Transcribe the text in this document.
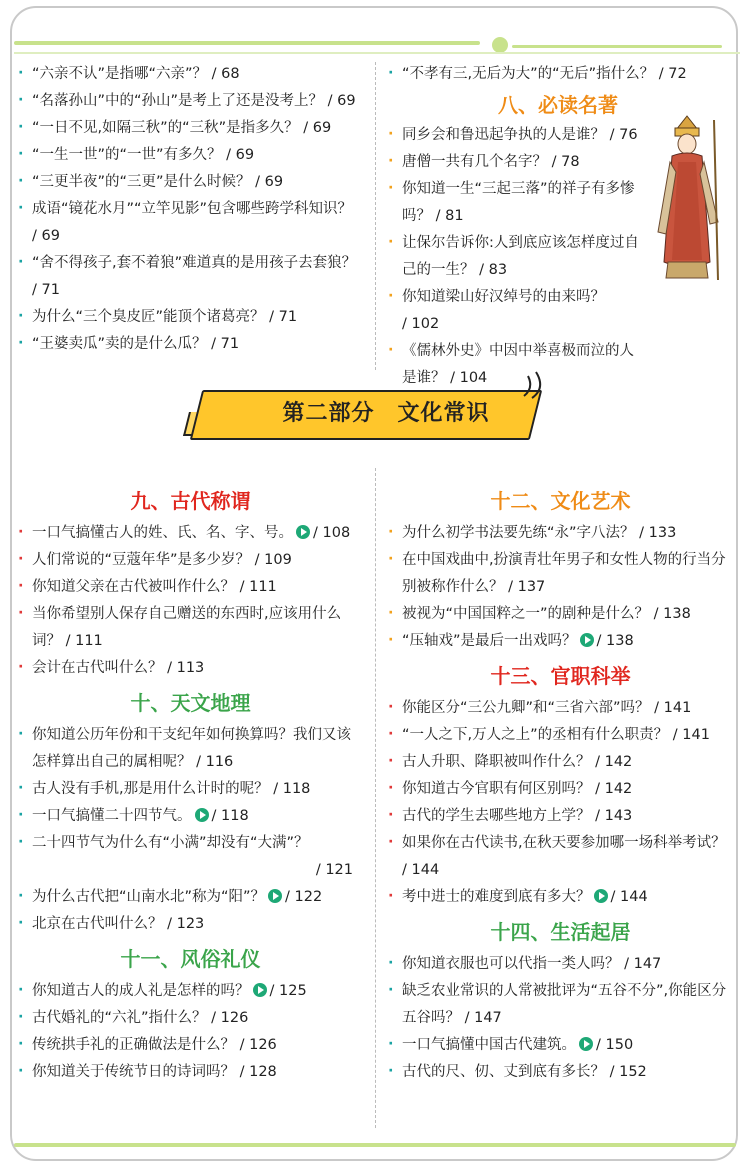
· “六亲不认”是指哪“六亲”？ / 68
· “名落孙山”中的“孙山”是考上了还是没考上？ / 69
· “一日不见,如隔三秋”的“三秋”是指多久？ / 69
· “一生一世”的“一世”有多久？ / 69
· “三更半夜”的“三更”是什么时候？ / 69
· 成语“镜花水月”“立竿见影”包含哪些跨学科知识？ / 69
· “舍不得孩子,套不着狼”难道真的是用孩子去套狼？ / 71
· 为什么“三个臭皮匠”能顶个诸葛亮？ / 71
· “王婆卖瓜”卖的是什么瓜？ / 71
· “不孝有三,无后为大”的“无后”指什么？ / 72
八、必读名著
· 同乡会和鲁迅起争执的人是谁？ / 76
· 唐僧一共有几个名字？ / 78
· 你知道一生“三起三落”的祥子有多惨吗？ / 81
· 让保尔告诉你:人到底应该怎样度过自己的一生？ / 83
· 你知道梁山好汉绰号的由来吗？ / 102
· 《儒林外史》中因中举喜极而泣的人是谁？ / 104
第二部分　文化常识
九、古代称谓
· 一口气搞懂古人的姓、氏、名、字、号。 / 108
· 人们常说的“豆蔻年华”是多少岁？ / 109
· 你知道父亲在古代被叫作什么？ / 111
· 当你希望别人保存自己赠送的东西时,应该用什么词？ / 111
· 会计在古代叫什么？ / 113
十、天文地理
· 你知道公历年份和干支纪年如何换算吗？我们又该怎样算出自己的属相呢？ / 116
· 古人没有手机,那是用什么计时的呢？ / 118
· 一口气搞懂二十四节气。 / 118
· 二十四节气为什么有“小满”却没有“大满”？
/ 121
· 为什么古代把“山南水北”称为“阳”？ / 122
· 北京在古代叫什么？ / 123
十一、风俗礼仪
· 你知道古人的成人礼是怎样的吗？ / 125
· 古代婚礼的“六礼”指什么？ / 126
· 传统拱手礼的正确做法是什么？ / 126
· 你知道关于传统节日的诗词吗？ / 128
十二、文化艺术
· 为什么初学书法要先练“永”字八法？ / 133
· 在中国戏曲中,扮演青壮年男子和女性人物的行当分别被称作什么？ / 137
· 被视为“中国国粹之一”的剧种是什么？ / 138
· “压轴戏”是最后一出戏吗？ / 138
十三、官职科举
· 你能区分“三公九卿”和“三省六部”吗？ / 141
· “一人之下,万人之上”的丞相有什么职责？ / 141
· 古人升职、降职被叫作什么？ / 142
· 你知道古今官职有何区别吗？ / 142
· 古代的学生去哪些地方上学？ / 143
· 如果你在古代读书,在秋天要参加哪一场科举考试？ / 144
· 考中进士的难度到底有多大？ / 144
十四、生活起居
· 你知道衣服也可以代指一类人吗？ / 147
· 缺乏农业常识的人常被批评为“五谷不分”,你能区分五谷吗？ / 147
· 一口气搞懂中国古代建筑。 / 150
· 古代的尺、仞、丈到底有多长？ / 152
